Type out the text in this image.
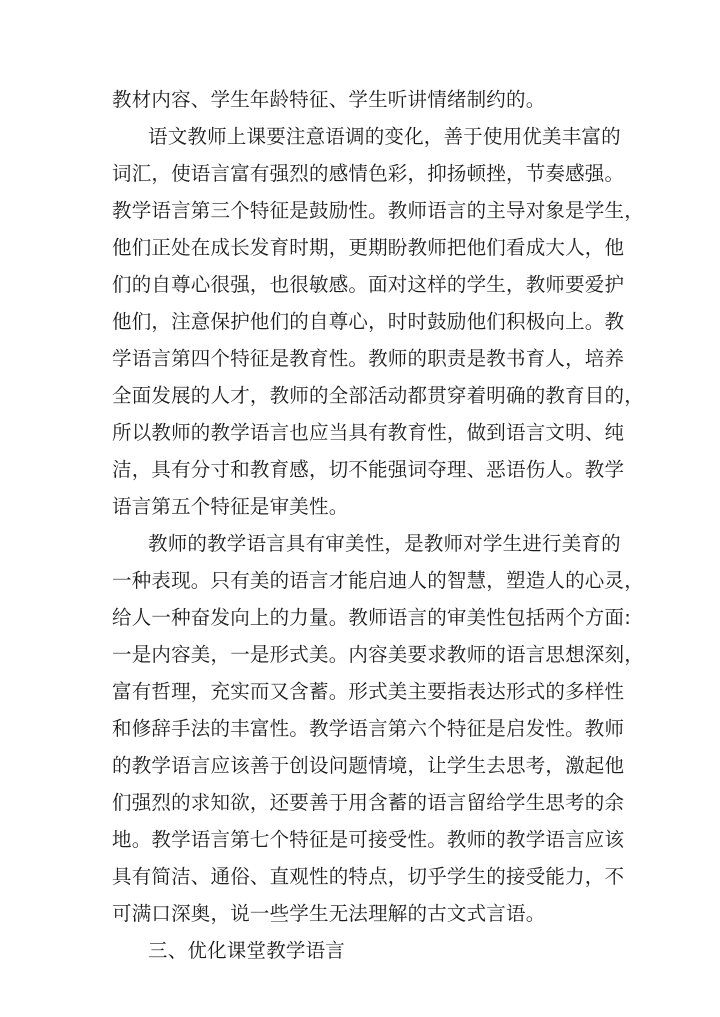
教材内容、学生年龄特征、学生听讲情绪制约的。
语文教师上课要注意语调的变化，善于使用优美丰富的
词汇，使语言富有强烈的感情色彩，抑扬顿挫，节奏感强。
教学语言第三个特征是鼓励性。教师语言的主导对象是学生，
他们正处在成长发育时期，更期盼教师把他们看成大人，他
们的自尊心很强，也很敏感。面对这样的学生，教师要爱护
他们，注意保护他们的自尊心，时时鼓励他们积极向上。教
学语言第四个特征是教育性。教师的职责是教书育人，培养
全面发展的人才，教师的全部活动都贯穿着明确的教育目的，
所以教师的教学语言也应当具有教育性，做到语言文明、纯
洁，具有分寸和教育感，切不能强词夺理、恶语伤人。教学
语言第五个特征是审美性。
教师的教学语言具有审美性，是教师对学生进行美育的
一种表现。只有美的语言才能启迪人的智慧，塑造人的心灵，
给人一种奋发向上的力量。教师语言的审美性包括两个方面:
一是内容美，一是形式美。内容美要求教师的语言思想深刻，
富有哲理，充实而又含蓄。形式美主要指表达形式的多样性
和修辞手法的丰富性。教学语言第六个特征是启发性。教师
的教学语言应该善于创设问题情境，让学生去思考，激起他
们强烈的求知欲，还要善于用含蓄的语言留给学生思考的余
地。教学语言第七个特征是可接受性。教师的教学语言应该
具有简洁、通俗、直观性的特点，切乎学生的接受能力，不
可满口深奥，说一些学生无法理解的古文式言语。
三、优化课堂教学语言
